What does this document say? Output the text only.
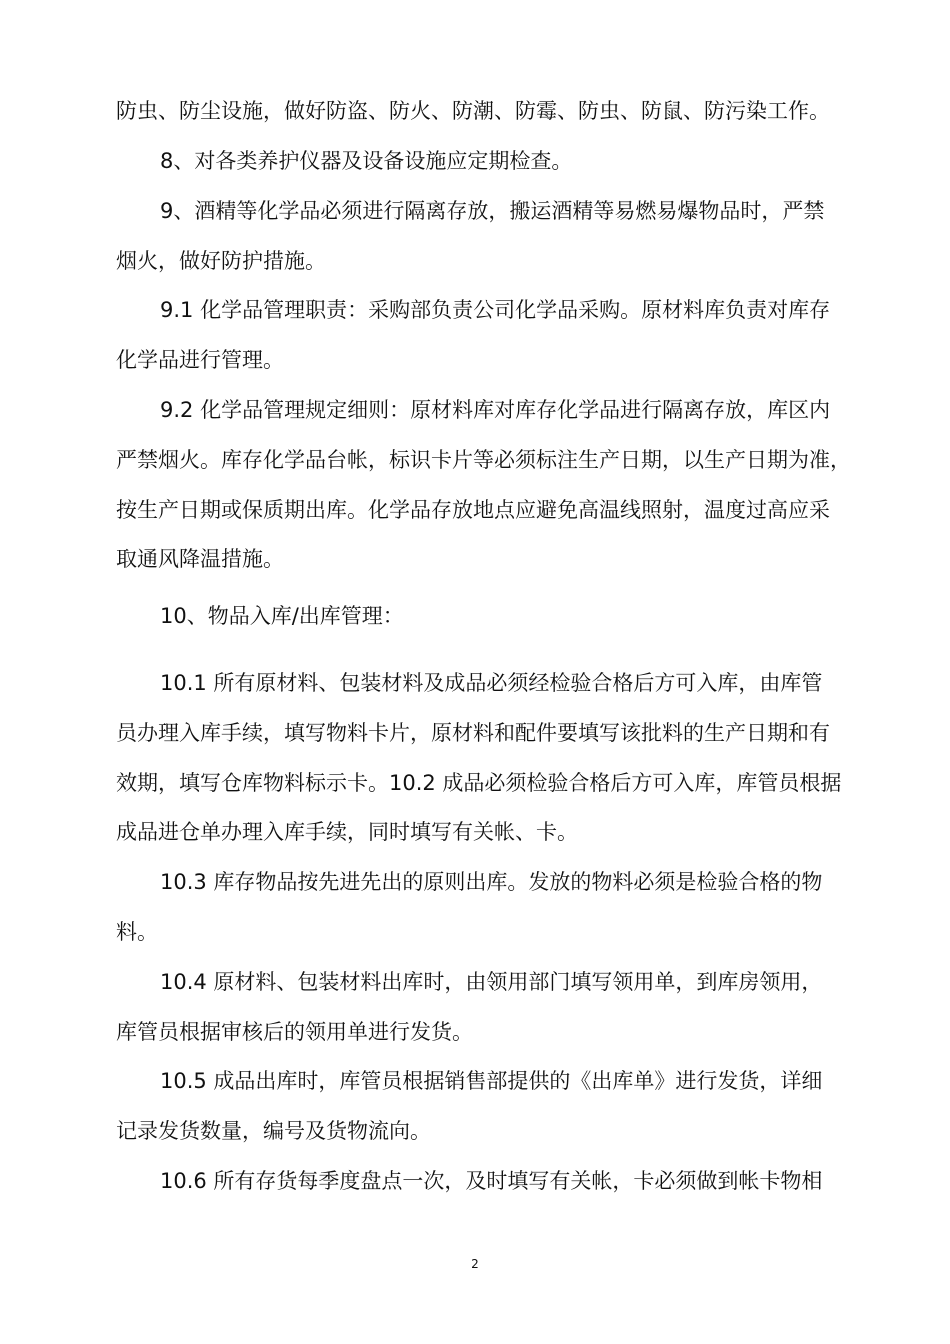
防虫、防尘设施，做好防盗、防火、防潮、防霉、防虫、防鼠、防污染工作。
8、对各类养护仪器及设备设施应定期检查。
9、酒精等化学品必须进行隔离存放，搬运酒精等易燃易爆物品时，严禁
烟火，做好防护措施。
9.1 化学品管理职责：采购部负责公司化学品采购。原材料库负责对库存
化学品进行管理。
9.2 化学品管理规定细则：原材料库对库存化学品进行隔离存放，库区内
严禁烟火。库存化学品台帐，标识卡片等必须标注生产日期，以生产日期为准，
按生产日期或保质期出库。化学品存放地点应避免高温线照射，温度过高应采
取通风降温措施。
10、物品入库/出库管理：
10.1 所有原材料、包装材料及成品必须经检验合格后方可入库，由库管
员办理入库手续，填写物料卡片，原材料和配件要填写该批料的生产日期和有
效期，填写仓库物料标示卡。10.2 成品必须检验合格后方可入库，库管员根据
成品进仓单办理入库手续，同时填写有关帐、卡。
10.3 库存物品按先进先出的原则出库。发放的物料必须是检验合格的物
料。
10.4 原材料、包装材料出库时，由领用部门填写领用单，到库房领用，
库管员根据审核后的领用单进行发货。
10.5 成品出库时，库管员根据销售部提供的《出库单》进行发货，详细
记录发货数量，编号及货物流向。
10.6 所有存货每季度盘点一次，及时填写有关帐，卡必须做到帐卡物相
2
